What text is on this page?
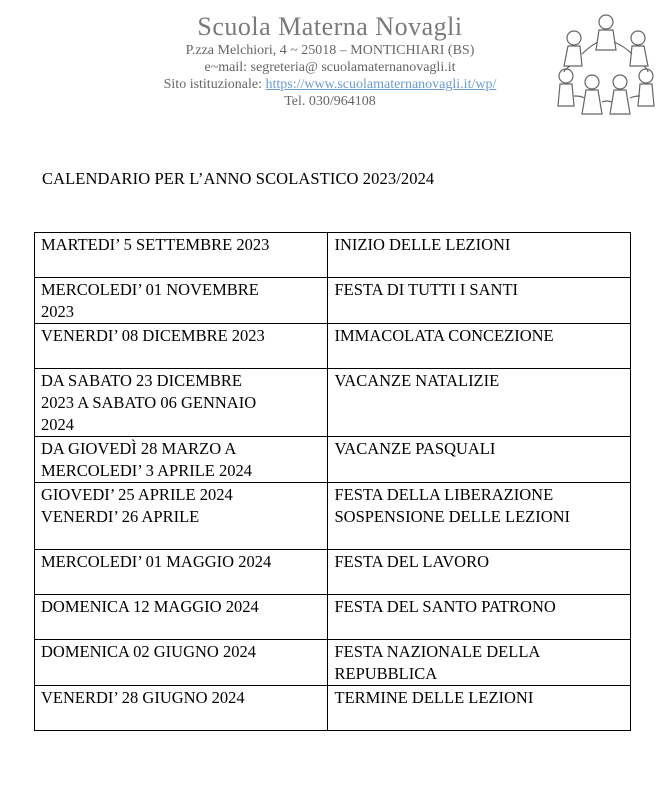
Scuola Materna Novagli
P.zza Melchiori, 4 ~ 25018 – MONTICHIARI (BS)
e~mail: segreteria@ scuolamaternanovagli.it
Sito istituzionale: https://www.scuolamaternanovagli.it/wp/
Tel. 030/964108
CALENDARIO PER L’ANNO SCOLASTICO 2023/2024
MARTEDI’ 5 SETTEMBRE 2023	INIZIO DELLE LEZIONI

MERCOLEDI’ 01 NOVEMBRE
2023	FESTA DI TUTTI I SANTI

VENERDI’ 08 DICEMBRE 2023	IMMACOLATA CONCEZIONE

DA SABATO 23 DICEMBRE
2023 A SABATO 06 GENNAIO
2024	VACANZE NATALIZIE

DA GIOVEDÌ 28 MARZO A
MERCOLEDI’ 3 APRILE 2024	VACANZE PASQUALI

GIOVEDI’ 25 APRILE 2024
VENERDI’ 26 APRILE	FESTA DELLA LIBERAZIONE
SOSPENSIONE DELLE LEZIONI

MERCOLEDI’ 01 MAGGIO 2024	FESTA DEL LAVORO

DOMENICA 12 MAGGIO 2024	FESTA DEL SANTO PATRONO

DOMENICA 02 GIUGNO 2024	FESTA NAZIONALE DELLA
REPUBBLICA

VENERDI’ 28 GIUGNO 2024	TERMINE DELLE LEZIONI
